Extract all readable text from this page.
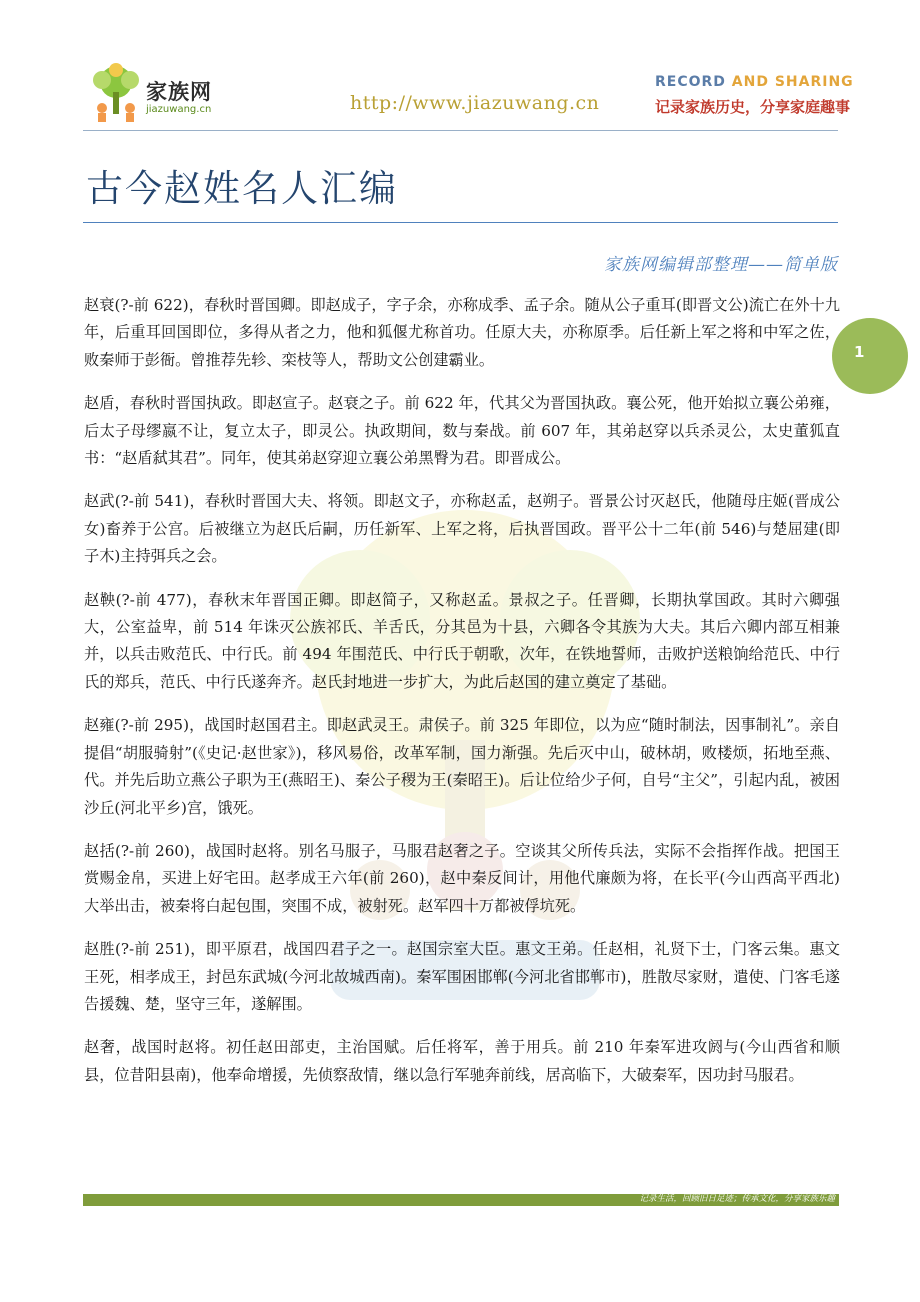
家族网
jiazuwang.cn	http://www.jiazuwang.cn
RECORD AND SHARING
记录家族历史，分享家庭趣事
古今赵姓名人汇编
家族网编辑部整理——简单版
1

赵衰(?-前 622)，春秋时晋国卿。即赵成子，字子余，亦称成季、孟子余。随从公子重耳(即晋文公)流亡在外十九年，后重耳回国即位，多得从者之力，他和狐偃尤称首功。任原大夫，亦称原季。后任新上军之将和中军之佐，败秦师于彭衙。曾推荐先轸、栾枝等人，帮助文公创建霸业。

赵盾，春秋时晋国执政。即赵宣子。赵衰之子。前 622 年，代其父为晋国执政。襄公死，他开始拟立襄公弟雍，后太子母缪嬴不让，复立太子，即灵公。执政期间，数与秦战。前 607 年，其弟赵穿以兵杀灵公，太史董狐直书：“赵盾弑其君”。同年，使其弟赵穿迎立襄公弟黑臀为君。即晋成公。

赵武(?-前 541)，春秋时晋国大夫、将领。即赵文子，亦称赵孟，赵朔子。晋景公讨灭赵氏，他随母庄姬(晋成公女)畜养于公宫。后被继立为赵氏后嗣，历任新军、上军之将，后执晋国政。晋平公十二年(前 546)与楚屈建(即子木)主持弭兵之会。

赵鞅(?-前 477)，春秋末年晋国正卿。即赵简子，又称赵孟。景叔之子。任晋卿，长期执掌国政。其时六卿强大，公室益卑，前 514 年诛灭公族祁氏、羊舌氏，分其邑为十县，六卿各令其族为大夫。其后六卿内部互相兼并，以兵击败范氏、中行氏。前 494 年围范氏、中行氏于朝歌，次年，在铁地誓师，击败护送粮饷给范氏、中行氏的郑兵，范氏、中行氏遂奔齐。赵氏封地进一步扩大，为此后赵国的建立奠定了基础。

赵雍(?-前 295)，战国时赵国君主。即赵武灵王。肃侯子。前 325 年即位，以为应“随时制法，因事制礼”。亲自提倡“胡服骑射”(《史记·赵世家》)，移风易俗，改革军制，国力渐强。先后灭中山，破林胡，败楼烦，拓地至燕、代。并先后助立燕公子职为王(燕昭王)、秦公子稷为王(秦昭王)。后让位给少子何，自号“主父”，引起内乱，被困沙丘(河北平乡)宫，饿死。

赵括(?-前 260)，战国时赵将。别名马服子，马服君赵奢之子。空谈其父所传兵法，实际不会指挥作战。把国王赏赐金帛，买进上好宅田。赵孝成王六年(前 260)，赵中秦反间计，用他代廉颇为将，在长平(今山西高平西北)大举出击，被秦将白起包围，突围不成，被射死。赵军四十万都被俘坑死。

赵胜(?-前 251)，即平原君，战国四君子之一。赵国宗室大臣。惠文王弟。任赵相，礼贤下士，门客云集。惠文王死，相孝成王，封邑东武城(今河北故城西南)。秦军围困邯郸(今河北省邯郸市)，胜散尽家财，遣使、门客毛遂告援魏、楚，坚守三年，遂解围。

赵奢，战国时赵将。初任赵田部吏，主治国赋。后任将军，善于用兵。前 210 年秦军进攻阏与(今山西省和顺县，位昔阳县南)，他奉命增援，先侦察敌情，继以急行军驰奔前线，居高临下，大破秦军，因功封马服君。

记录生活，回顾旧日足迹；传承文化，分享家族乐趣
